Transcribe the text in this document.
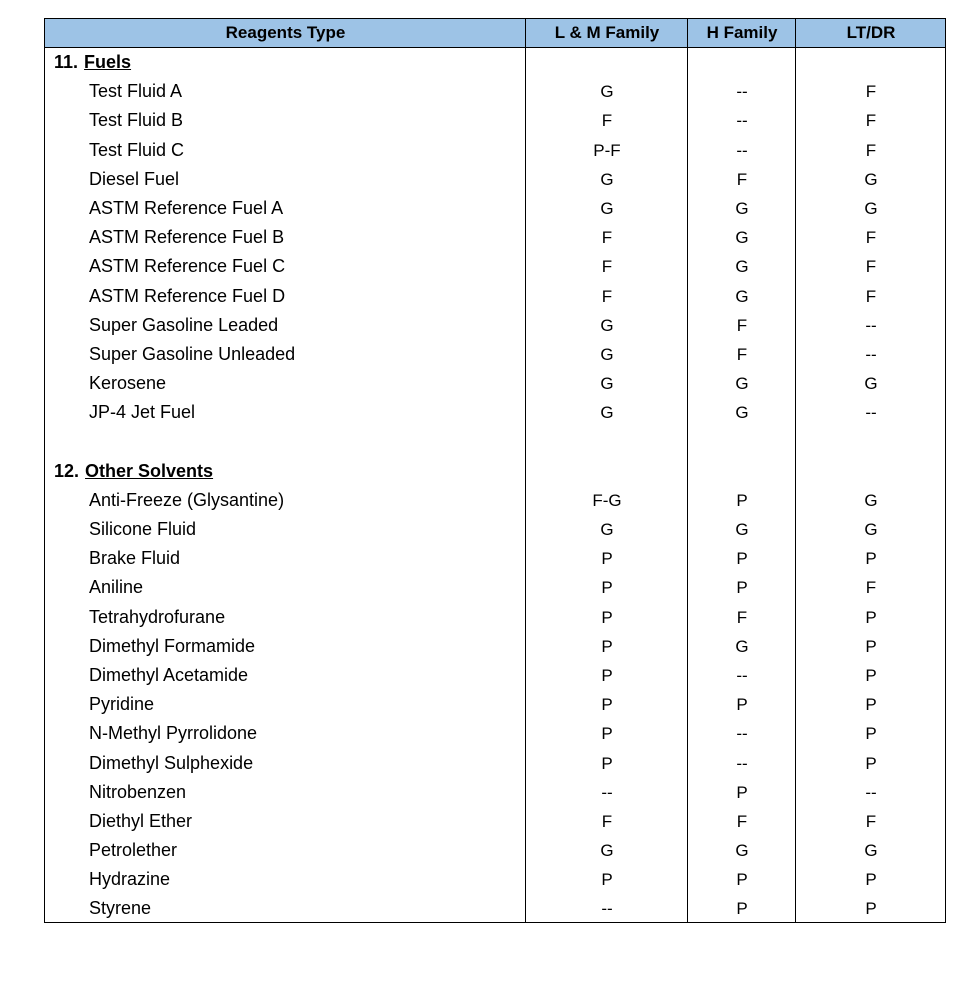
Reagents Type	L & M Family	H Family	LT/DR
11. Fuels
Test Fluid A	G	--	F
Test Fluid B	F	--	F
Test Fluid C	P-F	--	F
Diesel Fuel	G	F	G
ASTM Reference Fuel A	G	G	G
ASTM Reference Fuel B	F	G	F
ASTM Reference Fuel C	F	G	F
ASTM Reference Fuel D	F	G	F
Super Gasoline Leaded	G	F	--
Super Gasoline Unleaded	G	F	--
Kerosene	G	G	G
JP-4 Jet Fuel	G	G	--
12. Other Solvents
Anti-Freeze (Glysantine)	F-G	P	G
Silicone Fluid	G	G	G
Brake Fluid	P	P	P
Aniline	P	P	F
Tetrahydrofurane	P	F	P
Dimethyl Formamide	P	G	P
Dimethyl Acetamide	P	--	P
Pyridine	P	P	P
N-Methyl Pyrrolidone	P	--	P
Dimethyl Sulphexide	P	--	P
Nitrobenzen	--	P	--
Diethyl Ether	F	F	F
Petrolether	G	G	G
Hydrazine	P	P	P
Styrene	--	P	P
